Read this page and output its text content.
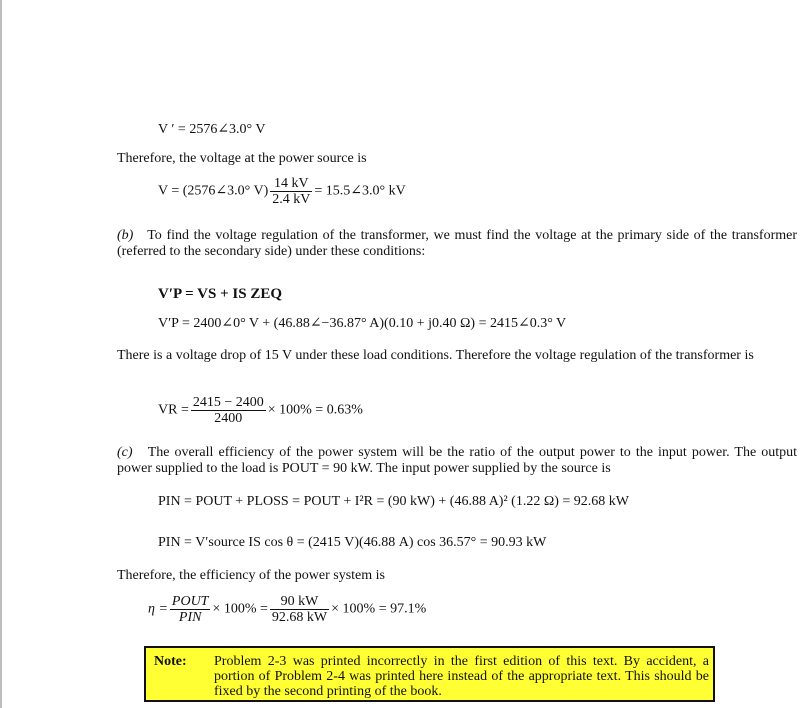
V ′ = 2576∠3.0° V
Therefore, the voltage at the power source is
V = (2576∠3.0° $V) \frac{14 kV}{2.4 kV}$ = 15.5∠3.0° kV
(b) To find the voltage regulation of the transformer, we must find the voltage at the primary side of the transformer (referred to the secondary side) under these conditions:
V′P = VS + IS ZEQ
V′P = 2400∠0° V + (46.88∠−36.87° A)(0.10 + j0.40 Ω) = 2415∠0.3° V
There is a voltage drop of 15 V under these load conditions. Therefore the voltage regulation of the transformer is
VR = $\frac{2415 - 2400}{2400} \times 100\% = 0.63\%$
(c) The overall efficiency of the power system will be the ratio of the output power to the input power. The output power supplied to the load is POUT = 90 kW. The input power supplied by the source is
PIN = POUT + PLOSS = POUT + I²R = (90 kW) + (46.88 A)² (1.22 Ω) = 92.68 kW
PIN = V′source IS cos θ = (2415 V)(46.88 A) cos 36.57° = 90.93 kW
Therefore, the efficiency of the power system is
$\eta = \frac{\text{POUT}}{\text{PIN}} \times 100\% = \frac{90 kW}{92.68 kW} \times 100\% = 97.1\%$
Note: Problem 2-3 was printed incorrectly in the first edition of this text. By accident, a portion of Problem 2-4 was printed here instead of the appropriate text. This should be fixed by the second printing of the book.
